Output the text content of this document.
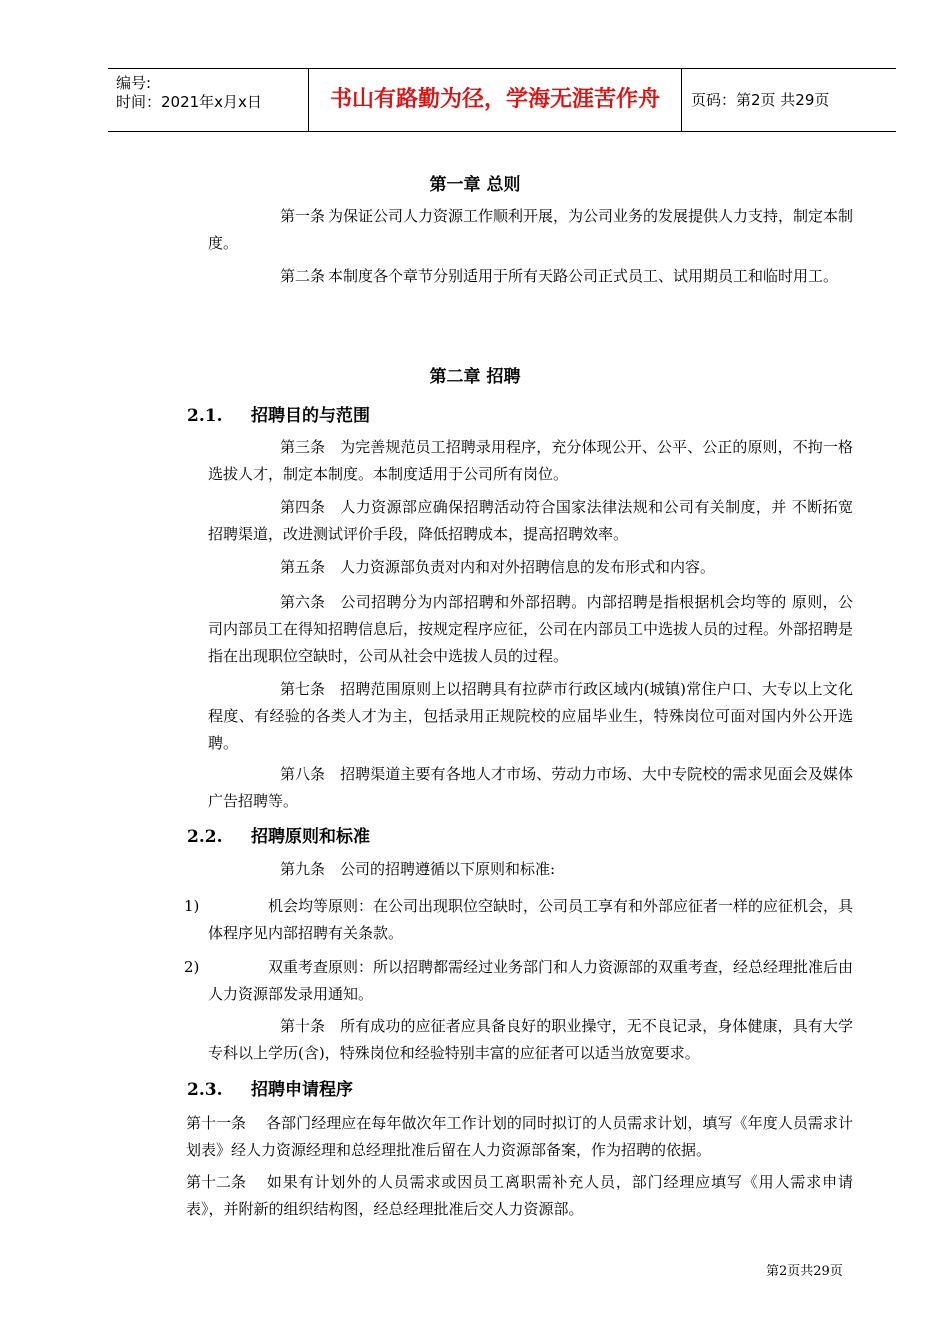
编号:
时间：2021年x月x日	书山有路勤为径，学海无涯苦作舟	页码：第2页 共29页
第一章 总则
第一条 为保证公司人力资源工作顺利开展，为公司业务的发展提供人力支持，制定本制度。
第二条 本制度各个章节分别适用于所有天路公司正式员工、试用期员工和临时用工。
第二章 招聘
2.1. 招聘目的与范围
第三条 为完善规范员工招聘录用程序，充分体现公开、公平、公正的原则，不拘一格选拔人才，制定本制度。本制度适用于公司所有岗位。
第四条 人力资源部应确保招聘活动符合国家法律法规和公司有关制度，并 不断拓宽招聘渠道，改进测试评价手段，降低招聘成本，提高招聘效率。
第五条 人力资源部负责对内和对外招聘信息的发布形式和内容。
第六条 公司招聘分为内部招聘和外部招聘。内部招聘是指根据机会均等的 原则，公司内部员工在得知招聘信息后，按规定程序应征，公司在内部员工中选拔人员的过程。外部招聘是指在出现职位空缺时，公司从社会中选拔人员的过程。
第七条 招聘范围原则上以招聘具有拉萨市行政区域内(城镇)常住户口、大专以上文化程度、有经验的各类人才为主，包括录用正规院校的应届毕业生，特殊岗位可面对国内外公开选聘。
第八条 招聘渠道主要有各地人才市场、劳动力市场、大中专院校的需求见面会及媒体广告招聘等。
2.2. 招聘原则和标准
第九条 公司的招聘遵循以下原则和标准:
1)	机会均等原则：在公司出现职位空缺时，公司员工享有和外部应征者一样的应征机会，具体程序见内部招聘有关条款。
2)	双重考查原则：所以招聘都需经过业务部门和人力资源部的双重考查，经总经理批准后由人力资源部发录用通知。
第十条 所有成功的应征者应具备良好的职业操守，无不良记录，身体健康，具有大学专科以上学历(含)，特殊岗位和经验特别丰富的应征者可以适当放宽要求。
2.3. 招聘申请程序
第十一条 各部门经理应在每年做次年工作计划的同时拟订的人员需求计划，填写《年度人员需求计划表》经人力资源经理和总经理批准后留在人力资源部备案，作为招聘的依据。
第十二条 如果有计划外的人员需求或因员工离职需补充人员，部门经理应填写《用人需求申请表》，并附新的组织结构图，经总经理批准后交人力资源部。
第2页共29页
